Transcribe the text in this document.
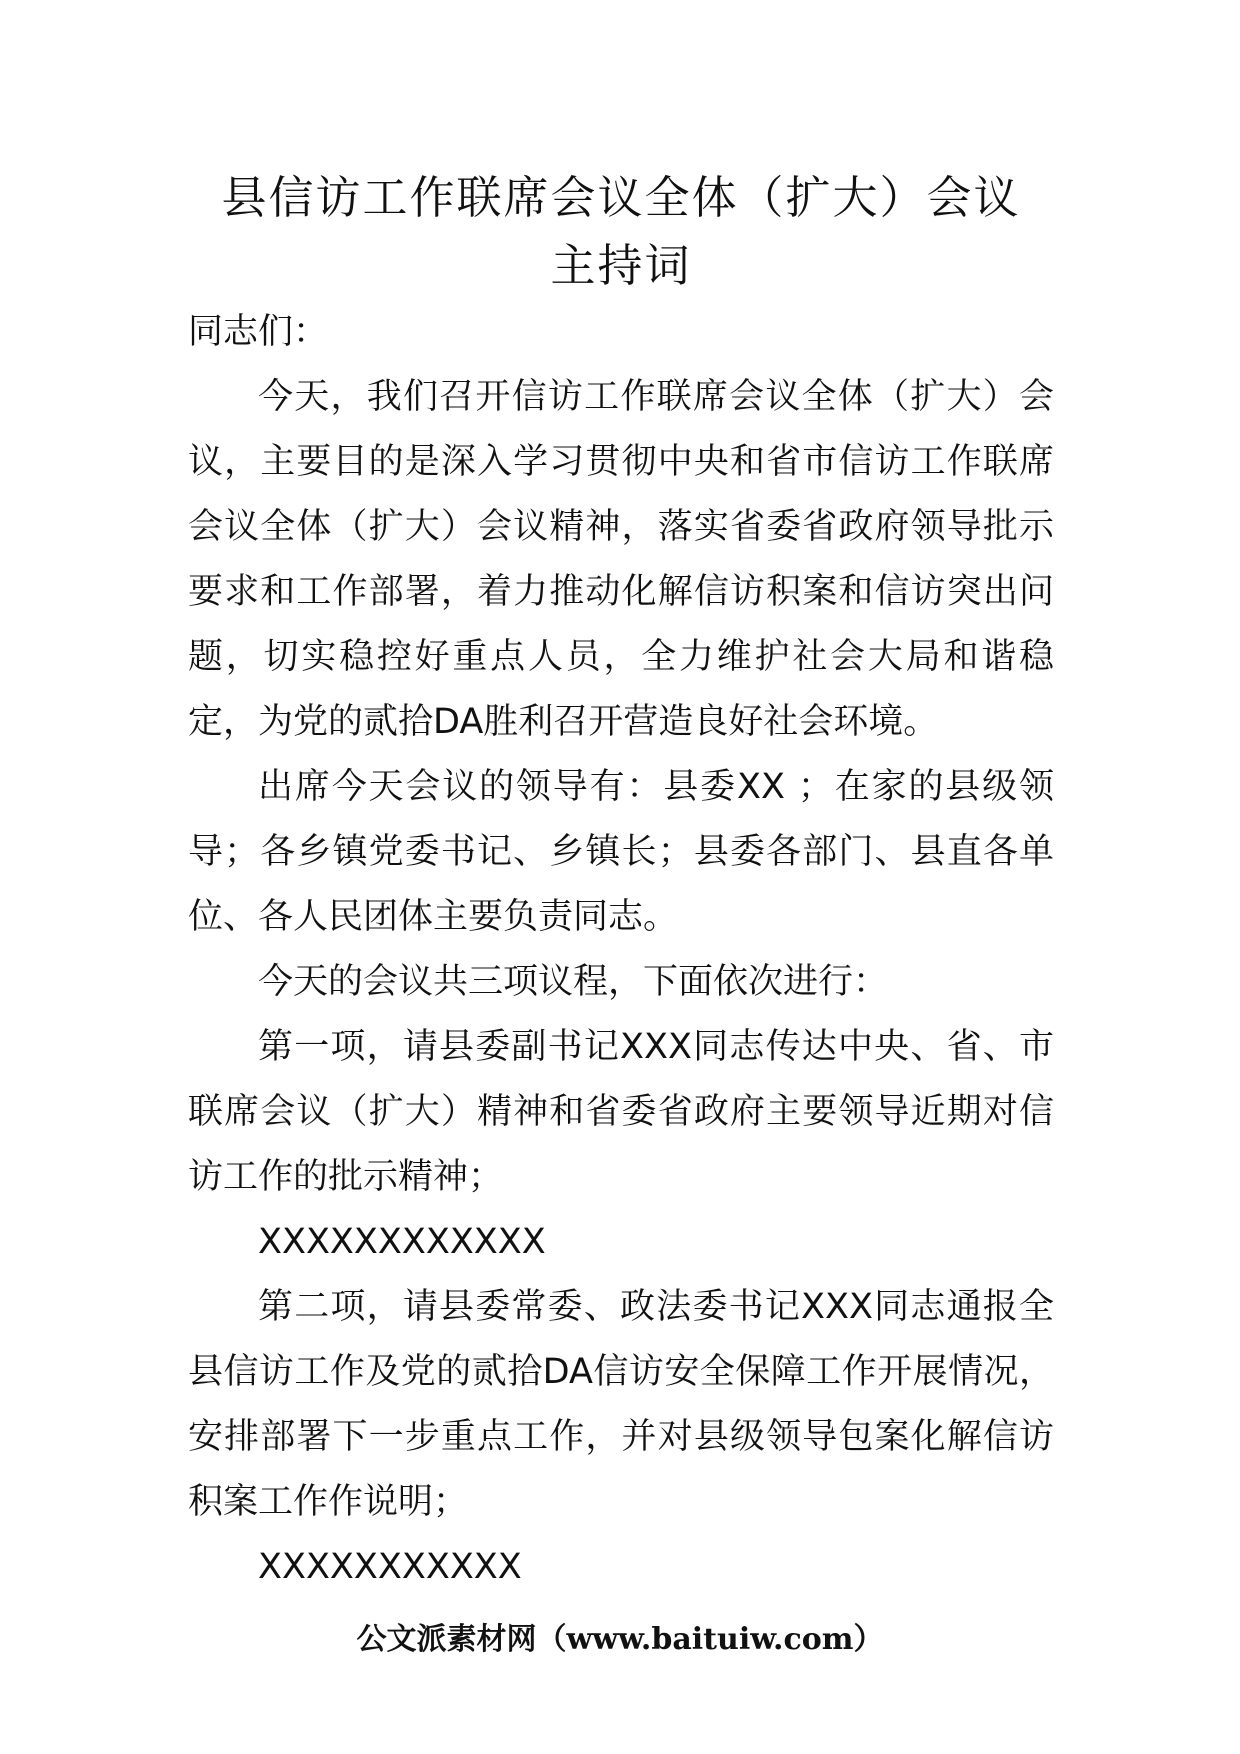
县信访工作联席会议全体（扩大）会议
主持词

同志们：

今天，我们召开信访工作联席会议全体（扩大）会议，主要目的是深入学习贯彻中央和省市信访工作联席会议全体（扩大）会议精神，落实省委省政府领导批示要求和工作部署，着力推动化解信访积案和信访突出问题，切实稳控好重点人员，全力维护社会大局和谐稳定，为党的贰拾DA胜利召开营造良好社会环境。

出席今天会议的领导有：县委XX ；在家的县级领导；各乡镇党委书记、乡镇长；县委各部门、县直各单位、各人民团体主要负责同志。

今天的会议共三项议程，下面依次进行：

第一项，请县委副书记XXX同志传达中央、省、市联席会议（扩大）精神和省委省政府主要领导近期对信访工作的批示精神；

XXXXXXXXXXXX

第二项，请县委常委、政法委书记XXX同志通报全县信访工作及党的贰拾DA信访安全保障工作开展情况，安排部署下一步重点工作，并对县级领导包案化解信访积案工作作说明；

XXXXXXXXXXX

公文派素材网（www.baituiw.com）
